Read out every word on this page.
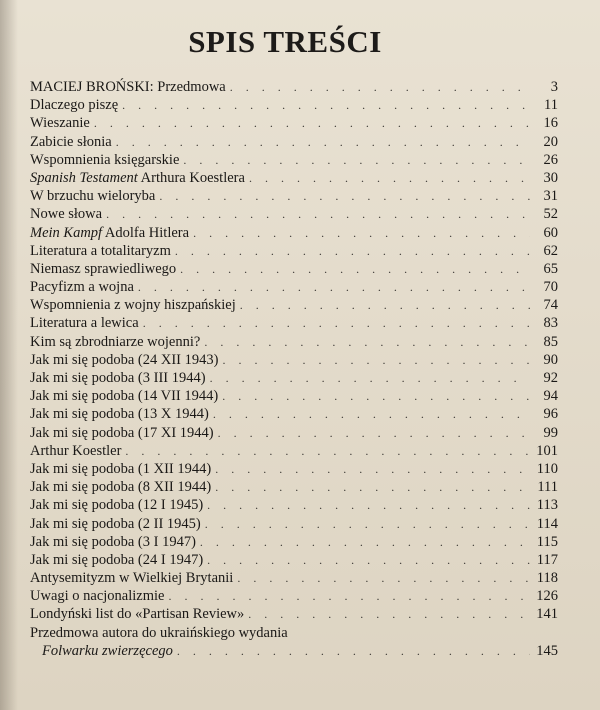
SPIS TREŚCI
MACIEJ BROŃSKI: Przedmowa . . .	3
Dlaczego piszę . . .	11
Wieszanie . . .	16
Zabicie słonia . . .	20
Wspomnienia księgarskie . . .	26
Spanish Testament Arthura Koestlera . . .	30
W brzuchu wieloryba . . .	31
Nowe słowa . . .	52
Mein Kampf Adolfa Hitlera . . .	60
Literatura a totalitaryzm . . .	62
Niemasz sprawiedliwego . . .	65
Pacyfizm a wojna . . .	70
Wspomnienia z wojny hiszpańskiej . . .	74
Literatura a lewica . . .	83
Kim są zbrodniarze wojenni? . . .	85
Jak mi się podoba (24 XII 1943) . . .	90
Jak mi się podoba (3 III 1944) . . .	92
Jak mi się podoba (14 VII 1944) . . .	94
Jak mi się podoba (13 X 1944) . . .	96
Jak mi się podoba (17 XI 1944) . . .	99
Arthur Koestler . . .	101
Jak mi się podoba (1 XII 1944) . . .	110
Jak mi się podoba (8 XII 1944) . . .	111
Jak mi się podoba (12 I 1945) . . .	113
Jak mi się podoba (2 II 1945) . . .	114
Jak mi się podoba (3 I 1947) . . .	115
Jak mi się podoba (24 I 1947) . . .	117
Antysemityzm w Wielkiej Brytanii . . .	118
Uwagi o nacjonalizmie . . .	126
Londyński list do «Partisan Review» . . .	141
Przedmowa autora do ukraińskiego wydania
Folwarku zwierzęcego . . .	145
